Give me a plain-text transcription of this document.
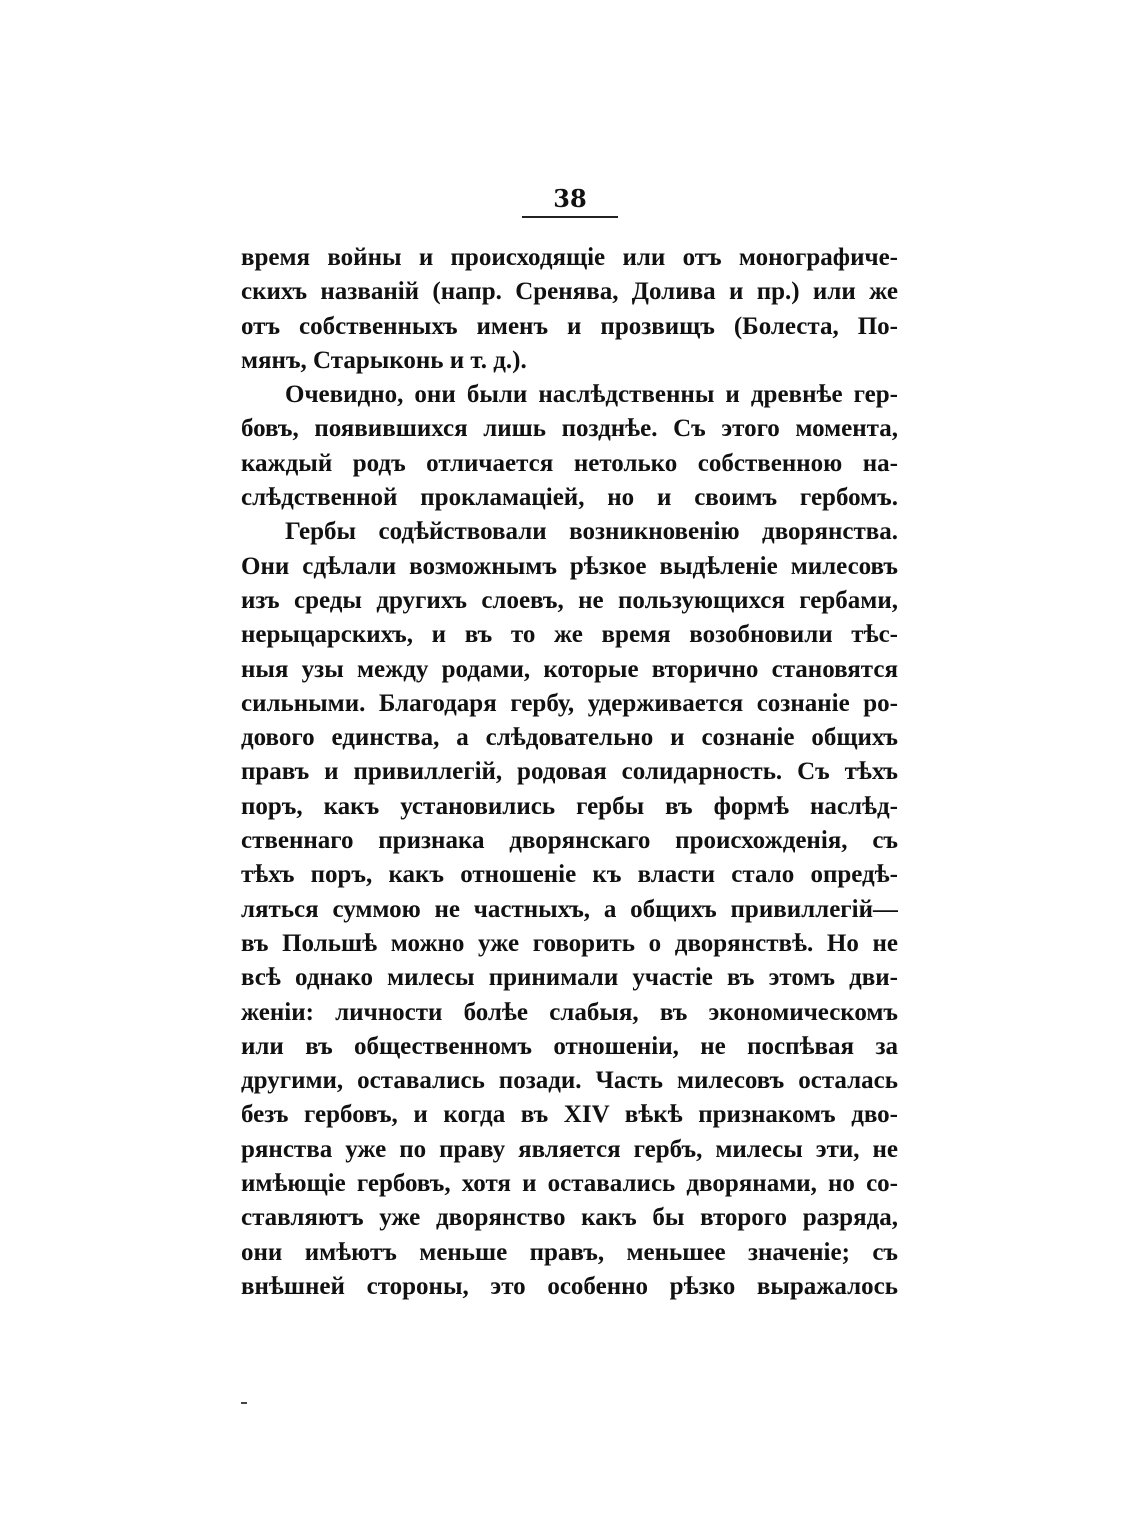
38
время войны и происходящіе или отъ монографиче-
скихъ названій (напр. Сренява, Долива и пр.) или же
отъ собственныхъ именъ и прозвищъ (Болеста, По-
мянъ, Старыконь и т. д.).
Очевидно, они были наслѣдственны и древнѣе гер-
бовъ, появившихся лишь позднѣе. Съ этого момента,
каждый родъ отличается нетолько собственною на-
слѣдственной прокламацiей, но и своимъ гербомъ.
Гербы содѣйствовали возникновенію дворянства.
Они сдѣлали возможнымъ рѣзкое выдѣленіе милесовъ
изъ среды другихъ слоевъ, не пользующихся гербами,
нерыцарскихъ, и въ то же время возобновили тѣс-
ныя узы между родами, которые вторично становятся
сильными. Благодаря гербу, удерживается сознаніе ро-
дового единства, а слѣдовательно и сознаніе общихъ
правъ и привиллегій, родовая солидарность. Съ тѣхъ
поръ, какъ установились гербы въ формѣ наслѣд-
ственнаго признака дворянскаго происхожденія, съ
тѣхъ поръ, какъ отношеніе къ власти стало опредѣ-
ляться суммою не частныхъ, а общихъ привиллегій—
въ Польшѣ можно уже говорить о дворянствѣ. Но не
всѣ однако милесы принимали участіе въ этомъ дви-
женіи: личности болѣе слабыя, въ экономическомъ
или въ общественномъ отношеніи, не поспѣвая за
другими, оставались позади. Часть милесовъ осталась
безъ гербовъ, и когда въ XIV вѣкѣ признакомъ дво-
рянства уже по праву является гербъ, милесы эти, не
имѣющіе гербовъ, хотя и оставались дворянами, но со-
ставляютъ уже дворянство какъ бы второго разряда,
они имѣютъ меньше правъ, меньшее значеніе; съ
внѣшней стороны, это особенно рѣзко выражалось
